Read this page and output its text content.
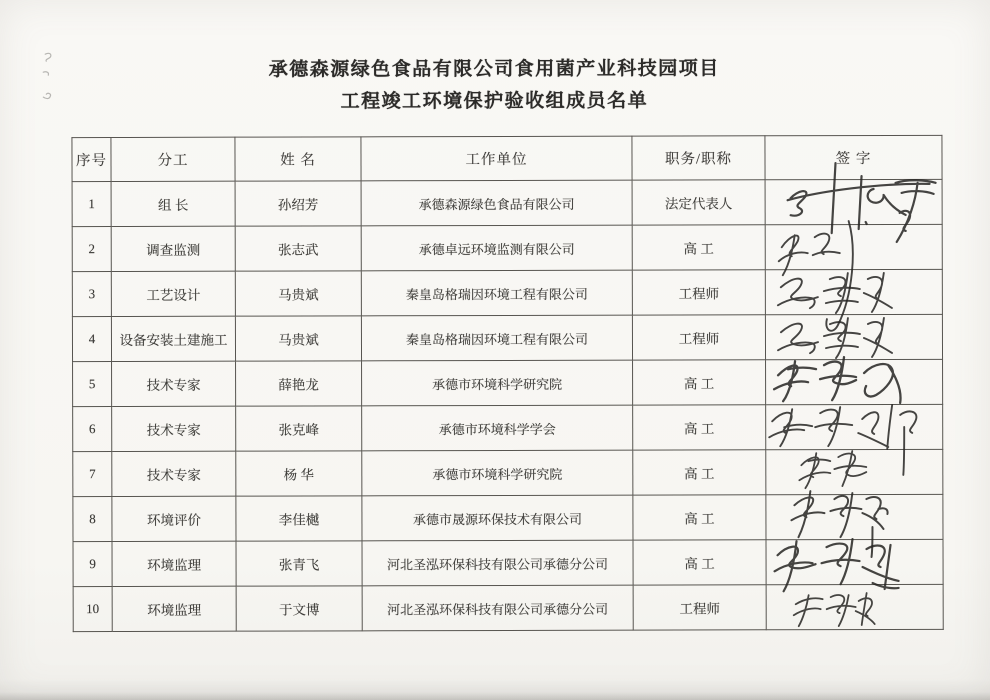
承德森源绿色食品有限公司食用菌产业科技园项目
工程竣工环境保护验收组成员名单
序号	分工	姓 名	工作单位	职务/职称	签 字
1	组 长	孙绍芳	承德森源绿色食品有限公司	法定代表人	
2	调查监测	张志武	承德卓远环境监测有限公司	高 工	
3	工艺设计	马贵斌	秦皇岛格瑞因环境工程有限公司	工程师	
4	设备安装土建施工	马贵斌	秦皇岛格瑞因环境工程有限公司	工程师	
5	技术专家	薛艳龙	承德市环境科学研究院	高 工	
6	技术专家	张克峰	承德市环境科学学会	高 工	
7	技术专家	杨 华	承德市环境科学研究院	高 工	
8	环境评价	李佳樾	承德市晟源环保技术有限公司	高 工	
9	环境监理	张青飞	河北圣泓环保科技有限公司承德分公司	高 工	
10	环境监理	于文博	河北圣泓环保科技有限公司承德分公司	工程师	
